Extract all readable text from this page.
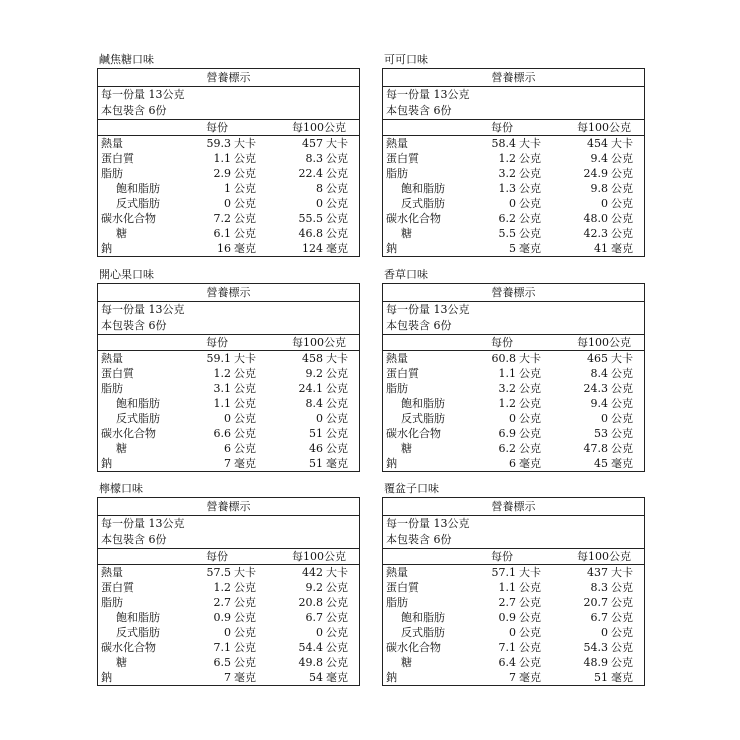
鹹焦糖口味
營養標示
每一份量 13公克
本包裝含 6份
每份	每100公克
熱量	59.3 大卡	457 大卡
蛋白質	1.1 公克	8.3 公克
脂肪	2.9 公克	22.4 公克
飽和脂肪	1 公克	8 公克
反式脂肪	0 公克	0 公克
碳水化合物	7.2 公克	55.5 公克
糖	6.1 公克	46.8 公克
鈉	16 毫克	124 毫克
可可口味
營養標示
每一份量 13公克
本包裝含 6份
每份	每100公克
熱量	58.4 大卡	454 大卡
蛋白質	1.2 公克	9.4 公克
脂肪	3.2 公克	24.9 公克
飽和脂肪	1.3 公克	9.8 公克
反式脂肪	0 公克	0 公克
碳水化合物	6.2 公克	48.0 公克
糖	5.5 公克	42.3 公克
鈉	5 毫克	41 毫克
開心果口味
營養標示
每一份量 13公克
本包裝含 6份
每份	每100公克
熱量	59.1 大卡	458 大卡
蛋白質	1.2 公克	9.2 公克
脂肪	3.1 公克	24.1 公克
飽和脂肪	1.1 公克	8.4 公克
反式脂肪	0 公克	0 公克
碳水化合物	6.6 公克	51 公克
糖	6 公克	46 公克
鈉	7 毫克	51 毫克
香草口味
營養標示
每一份量 13公克
本包裝含 6份
每份	每100公克
熱量	60.8 大卡	465 大卡
蛋白質	1.1 公克	8.4 公克
脂肪	3.2 公克	24.3 公克
飽和脂肪	1.2 公克	9.4 公克
反式脂肪	0 公克	0 公克
碳水化合物	6.9 公克	53 公克
糖	6.2 公克	47.8 公克
鈉	6 毫克	45 毫克
檸檬口味
營養標示
每一份量 13公克
本包裝含 6份
每份	每100公克
熱量	57.5 大卡	442 大卡
蛋白質	1.2 公克	9.2 公克
脂肪	2.7 公克	20.8 公克
飽和脂肪	0.9 公克	6.7 公克
反式脂肪	0 公克	0 公克
碳水化合物	7.1 公克	54.4 公克
糖	6.5 公克	49.8 公克
鈉	7 毫克	54 毫克
覆盆子口味
營養標示
每一份量 13公克
本包裝含 6份
每份	每100公克
熱量	57.1 大卡	437 大卡
蛋白質	1.1 公克	8.3 公克
脂肪	2.7 公克	20.7 公克
飽和脂肪	0.9 公克	6.7 公克
反式脂肪	0 公克	0 公克
碳水化合物	7.1 公克	54.3 公克
糖	6.4 公克	48.9 公克
鈉	7 毫克	51 毫克
